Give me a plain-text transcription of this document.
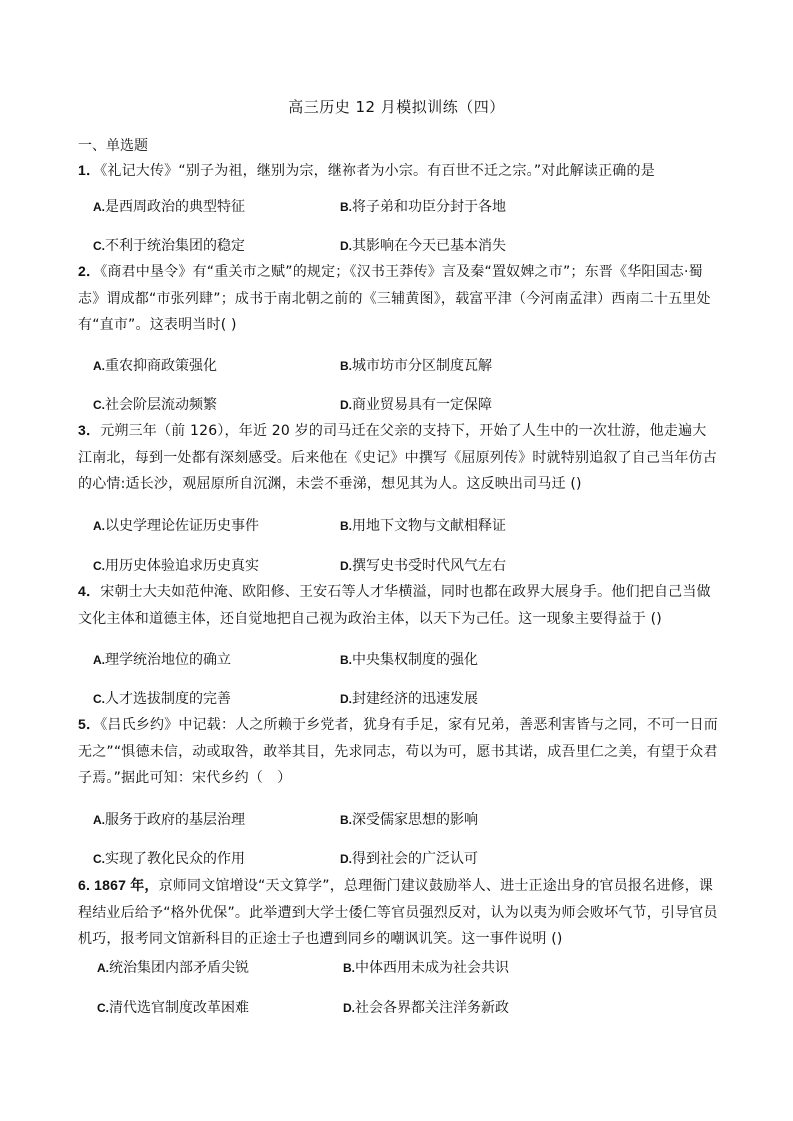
高三历史 12 月模拟训练（四）
一、单选题
1．《礼记大传》“别子为祖，继别为宗，继祢者为小宗。有百世不迁之宗。”对此解读正确的是
A.是西周政治的典型特征	B.将子弟和功臣分封于各地
C.不利于统治集团的稳定	D.其影响在今天已基本消失
2．《商君中垦令》有“重关市之赋”的规定；《汉书王莽传》言及秦“置奴婢之市”；东晋《华阳国志·蜀志》谓成都“市张列肆”；成书于南北朝之前的《三辅黄图》，载富平津（今河南孟津）西南二十五里处有“直市”。这表明当时( )
A.重农抑商政策强化	B.城市坊市分区制度瓦解
C.社会阶层流动频繁	D.商业贸易具有一定保障
3．元朔三年（前 126），年近 20 岁的司马迁在父亲的支持下，开始了人生中的一次壮游，他走遍大江南北，每到一处都有深刻感受。后来他在《史记》中撰写《屈原列传》时就特别追叙了自己当年仿古的心情:适长沙，观屈原所自沉渊，未尝不垂涕，想见其为人。这反映出司马迁 ()
A.以史学理论佐证历史事件	B.用地下文物与文献相释证
C.用历史体验追求历史真实	D.撰写史书受时代风气左右
4．宋朝士大夫如范仲淹、欧阳修、王安石等人才华横溢，同时也都在政界大展身手。他们把自己当做文化主体和道德主体，还自觉地把自己视为政治主体，以天下为己任。这一现象主要得益于 ()
A.理学统治地位的确立	B.中央集权制度的强化
C.人才选拔制度的完善	D.封建经济的迅速发展
5．《吕氏乡约》中记载：人之所赖于乡党者，犹身有手足，家有兄弟，善恶利害皆与之同，不可一日而无之”“惧德未信，动或取咎，敢举其目，先求同志，苟以为可，愿书其诺，成吾里仁之美，有望于众君子焉。”据此可知：宋代乡约（　）
A.服务于政府的基层治理	B.深受儒家思想的影响
C.实现了教化民众的作用	D.得到社会的广泛认可
6. 1867 年，京师同文馆增设“天文算学”，总理衙门建议鼓励举人、进士正途出身的官员报名进修，课程结业后给予“格外优保”。此举遭到大学士倭仁等官员强烈反对，认为以夷为师会败坏气节，引导官员机巧，报考同文馆新科目的正途士子也遭到同乡的嘲讽讥笑。这一事件说明 ()
A.统治集团内部矛盾尖锐	B.中体西用未成为社会共识
C.清代选官制度改革困难	D.社会各界都关注洋务新政
